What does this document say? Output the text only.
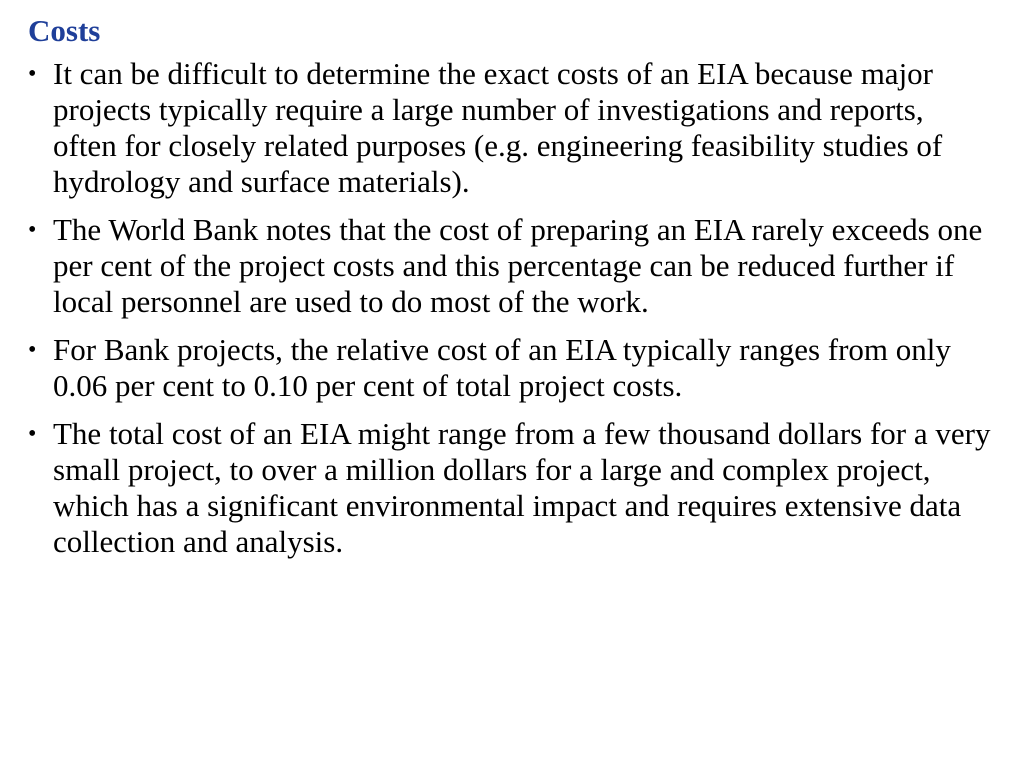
Costs
• It can be difficult to determine the exact costs of an EIA because major projects typically require a large number of investigations and reports, often for closely related purposes (e.g. engineering feasibility studies of hydrology and surface materials).
• The World Bank notes that the cost of preparing an EIA rarely exceeds one per cent of the project costs and this percentage can be reduced further if local personnel are used to do most of the work.
• For Bank projects, the relative cost of an EIA typically ranges from only 0.06 per cent to 0.10 per cent of total project costs.
• The total cost of an EIA might range from a few thousand dollars for a very small project, to over a million dollars for a large and complex project, which has a significant environmental impact and requires extensive data collection and analysis.
